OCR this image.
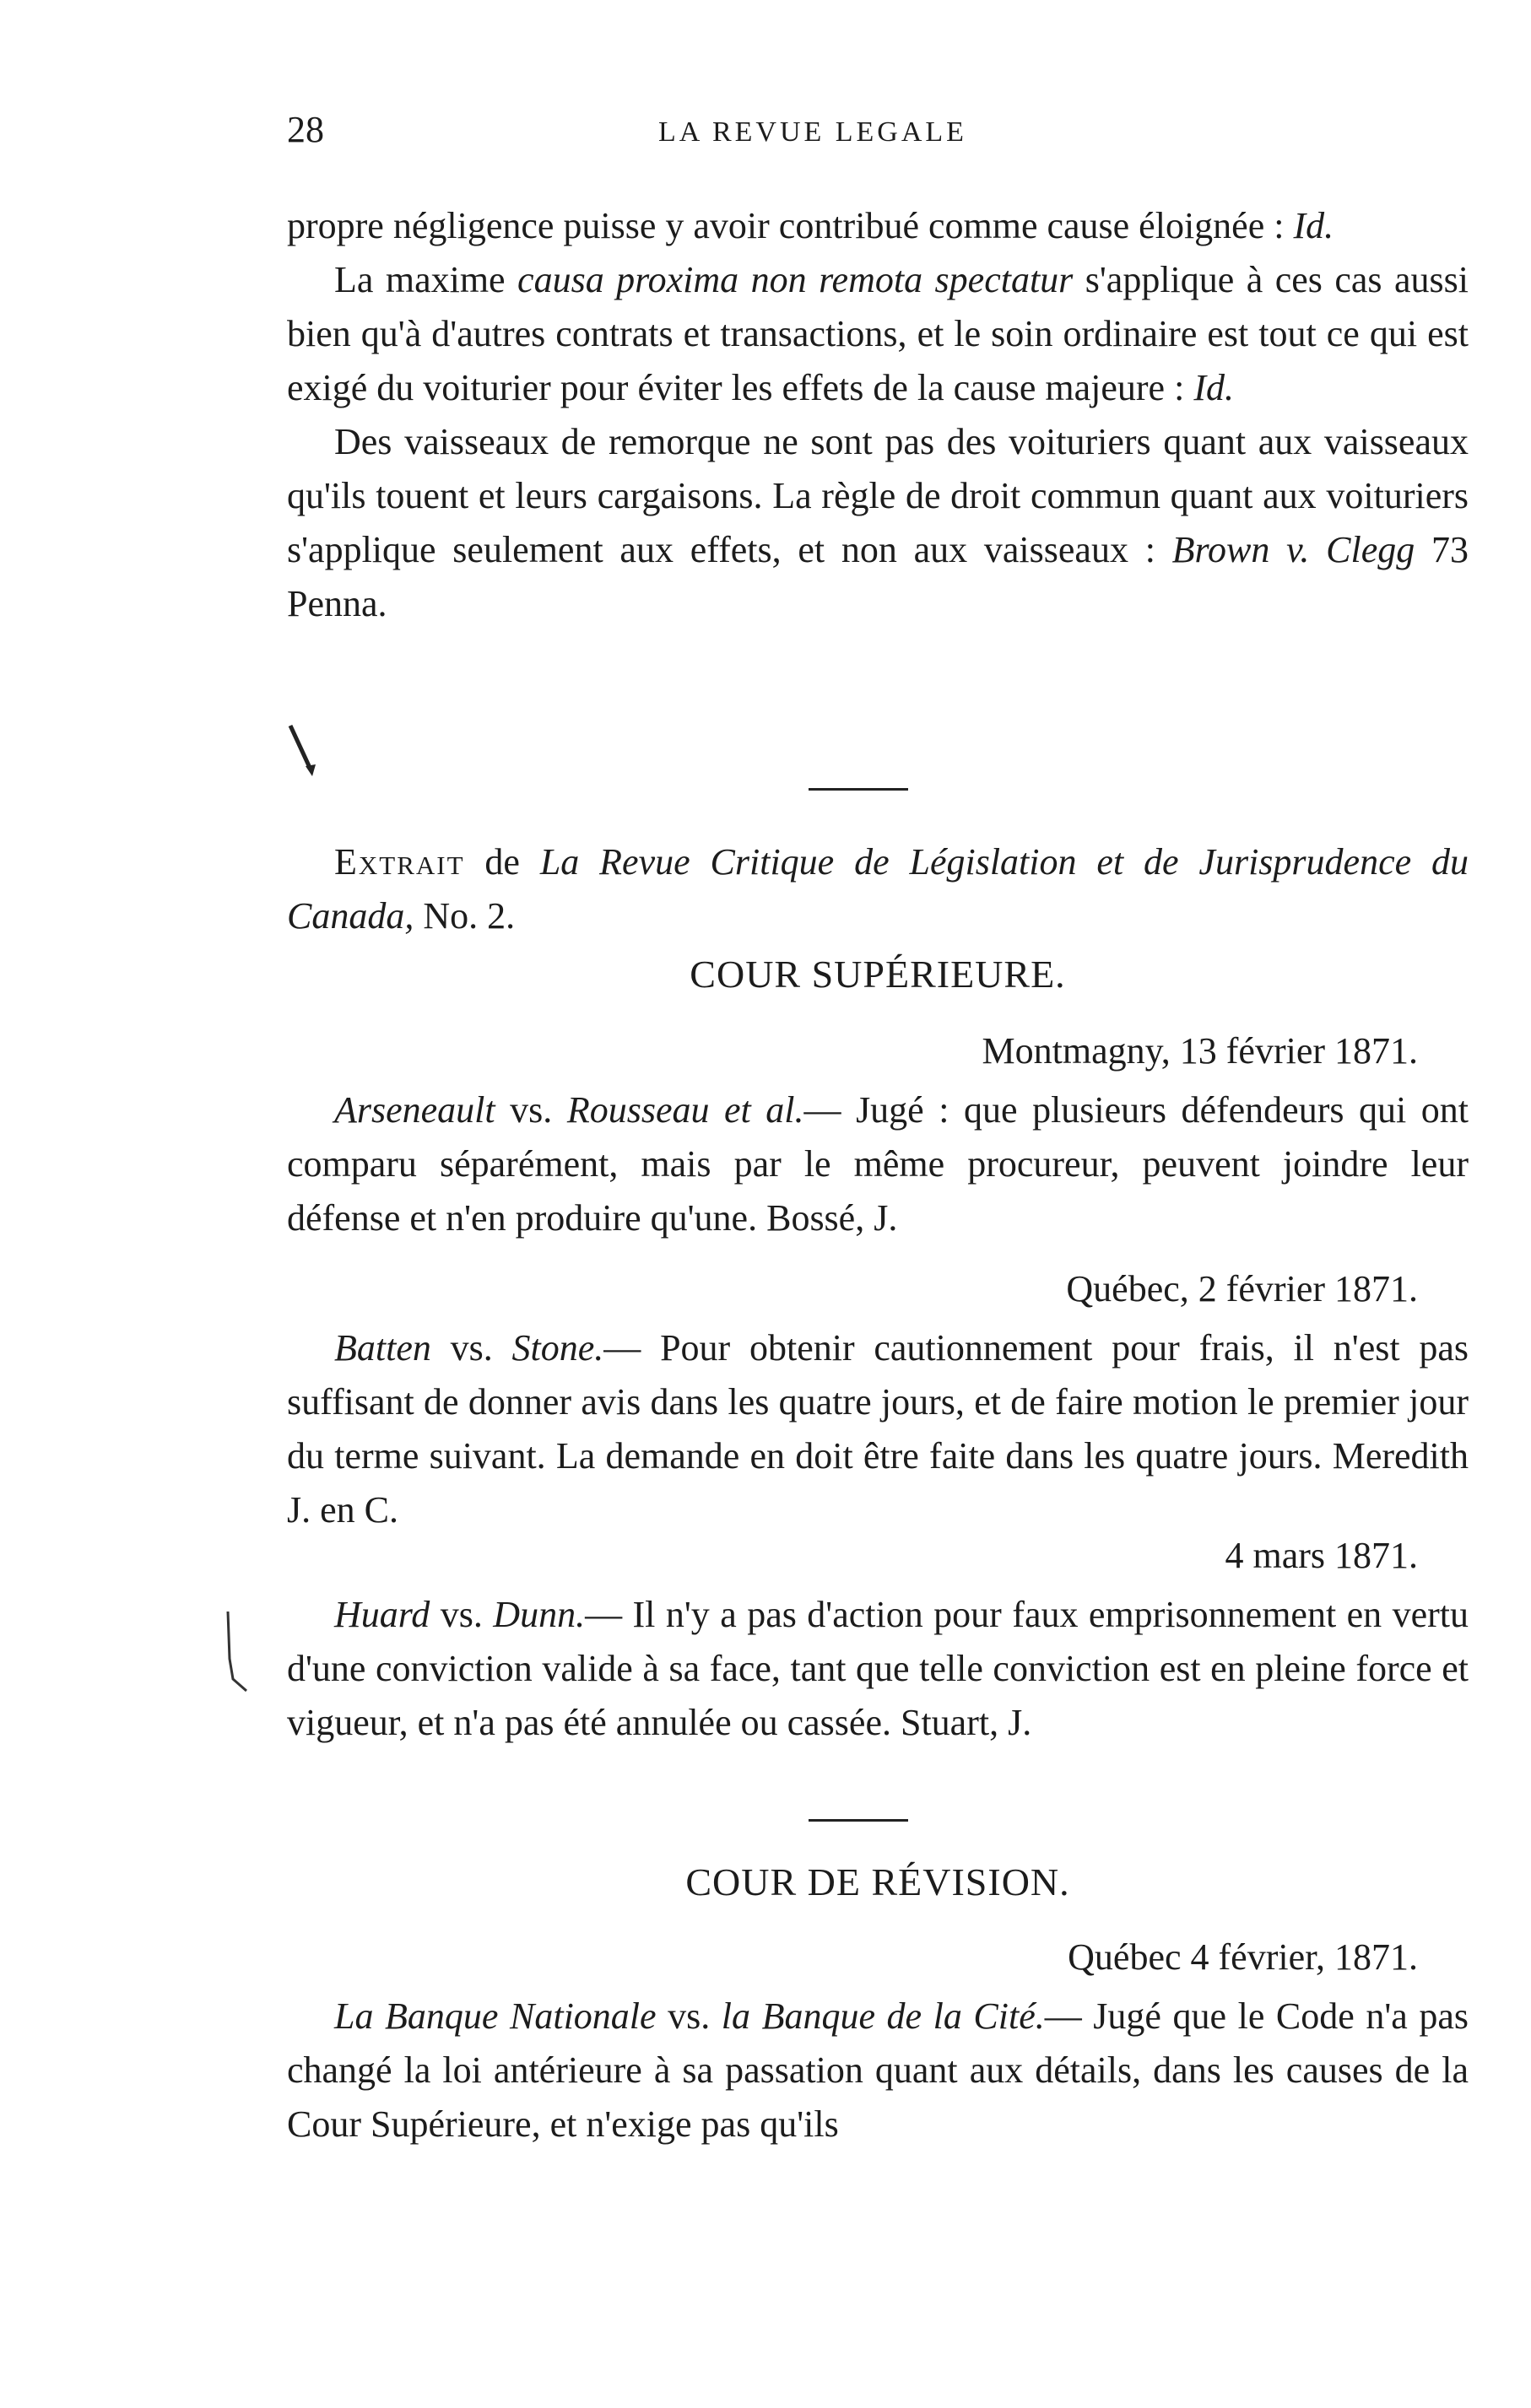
28	LA REVUE LEGALE

propre négligence puisse y avoir contribué comme cause éloignée : Id.

La maxime causa proxima non remota spectatur s'applique à ces cas aussi bien qu'à d'autres contrats et transactions, et le soin ordinaire est tout ce qui est exigé du voiturier pour éviter les effets de la cause majeure : Id.

Des vaisseaux de remorque ne sont pas des voituriers quant aux vaisseaux qu'ils touent et leurs cargaisons. La règle de droit commun quant aux voituriers s'applique seulement aux effets, et non aux vaisseaux : Brown v. Clegg 73 Penna.

Extrait de La Revue Critique de Législation et de Jurisprudence du Canada, No. 2.

COUR SUPÉRIEURE.
Montmagny, 13 février 1871.

Arseneault vs. Rousseau et al.— Jugé : que plusieurs défendeurs qui ont comparu séparément, mais par le même procureur, peuvent joindre leur défense et n'en produire qu'une. Bossé, J.

Québec, 2 février 1871.

Batten vs. Stone.— Pour obtenir cautionnement pour frais, il n'est pas suffisant de donner avis dans les quatre jours, et de faire motion le premier jour du terme suivant. La demande en doit être faite dans les quatre jours. Meredith J. en C.

4 mars 1871.

Huard vs. Dunn.— Il n'y a pas d'action pour faux emprisonnement en vertu d'une conviction valide à sa face, tant que telle conviction est en pleine force et vigueur, et n'a pas été annulée ou cassée. Stuart, J.

COUR DE RÉVISION.
Québec 4 février, 1871.

La Banque Nationale vs. la Banque de la Cité.— Jugé que le Code n'a pas changé la loi antérieure à sa passation quant aux détails, dans les causes de la Cour Supérieure, et n'exige pas qu'ils
